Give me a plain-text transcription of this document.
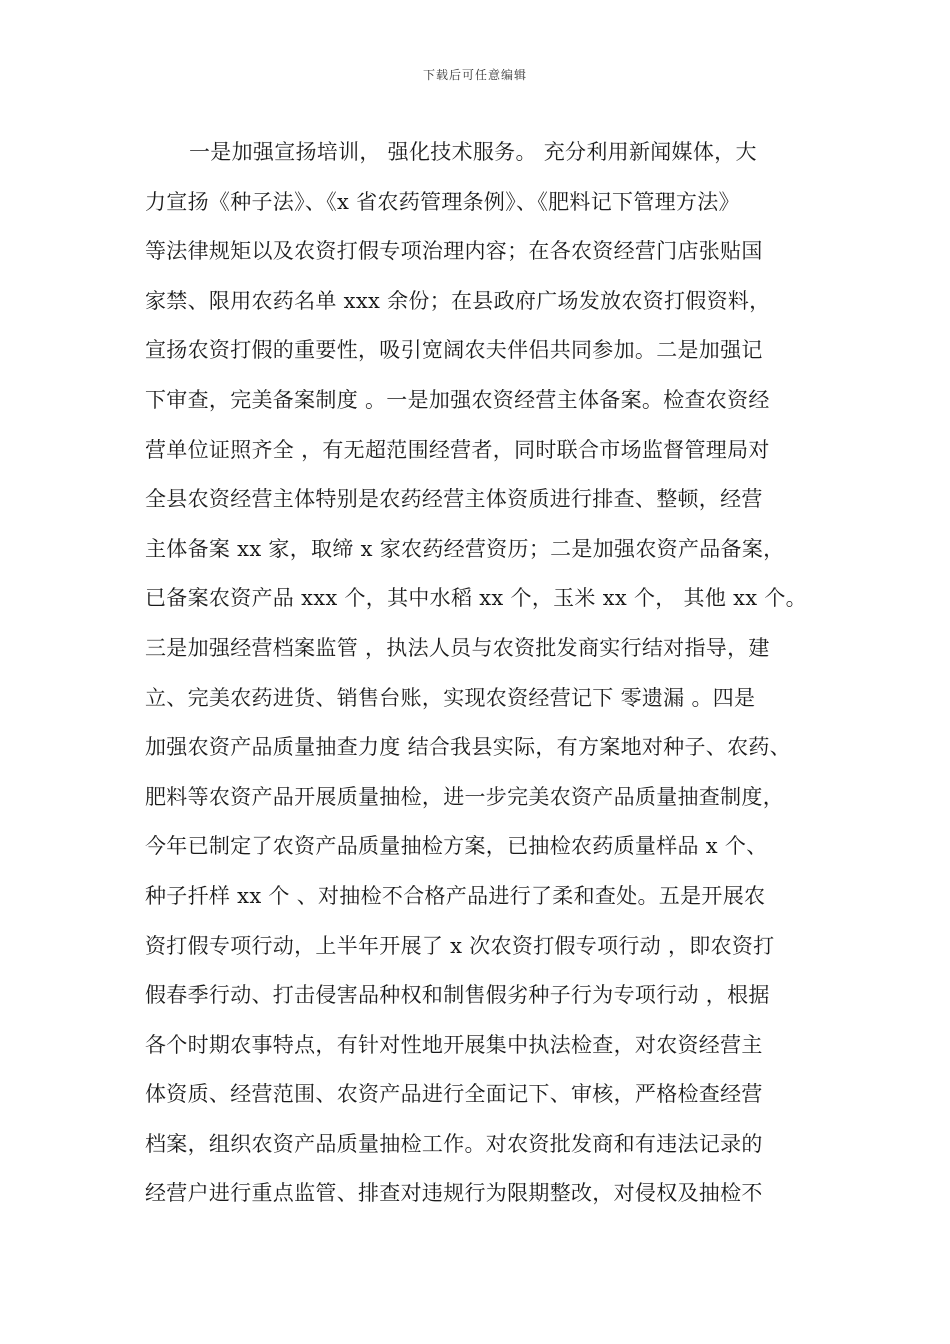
下载后可任意编辑
一是加强宣扬培训， 强化技术服务。 充分利用新闻媒体，大
力宣扬《种子法》、《x 省农药管理条例》、《肥料记下管理方法》
等法律规矩以及农资打假专项治理内容；在各农资经营门店张贴国
家禁、限用农药名单 xxx 余份；在县政府广场发放农资打假资料，
宣扬农资打假的重要性，吸引宽阔农夫伴侣共同参加。二是加强记
下审查，完美备案制度 。一是加强农资经营主体备案。检查农资经
营单位证照齐全 ，有无超范围经营者，同时联合市场监督管理局对
全县农资经营主体特别是农药经营主体资质进行排查、整顿，经营
主体备案 xx 家，取缔 x 家农药经营资历；二是加强农资产品备案，
已备案农资产品 xxx 个，其中水稻 xx 个，玉米 xx 个， 其他 xx 个。
三是加强经营档案监管 ，执法人员与农资批发商实行结对指导，建
立、完美农药进货、销售台账，实现农资经营记下 零遗漏 。四是
加强农资产品质量抽查力度 结合我县实际，有方案地对种子、农药、
肥料等农资产品开展质量抽检，进一步完美农资产品质量抽查制度，
今年已制定了农资产品质量抽检方案，已抽检农药质量样品 x 个、
种子扦样 xx 个 、对抽检不合格产品进行了柔和查处。五是开展农
资打假专项行动，上半年开展了 x 次农资打假专项行动 ，即农资打
假春季行动、打击侵害品种权和制售假劣种子行为专项行动 ，根据
各个时期农事特点，有针对性地开展集中执法检查，对农资经营主
体资质、经营范围、农资产品进行全面记下、审核，严格检查经营
档案，组织农资产品质量抽检工作。对农资批发商和有违法记录的
经营户进行重点监管、排查对违规行为限期整改，对侵权及抽检不
